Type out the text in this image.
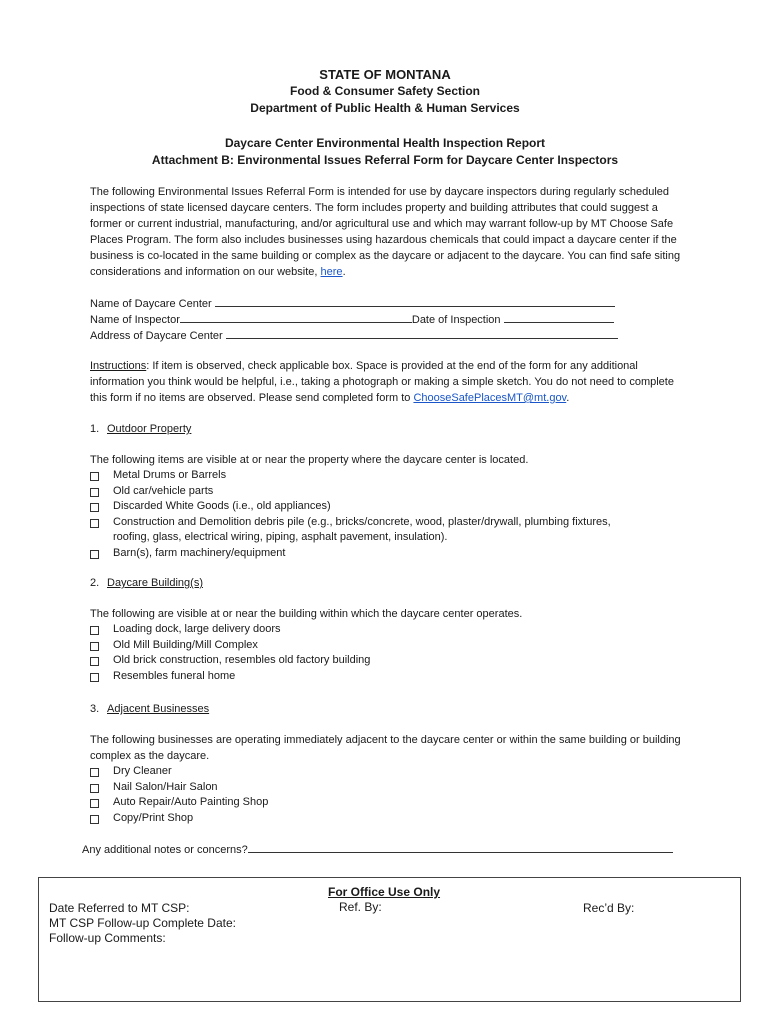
STATE OF MONTANA
Food & Consumer Safety Section
Department of Public Health & Human Services
Daycare Center Environmental Health Inspection Report
Attachment B: Environmental Issues Referral Form for Daycare Center Inspectors
The following Environmental Issues Referral Form is intended for use by daycare inspectors during regularly scheduled inspections of state licensed daycare centers. The form includes property and building attributes that could suggest a former or current industrial, manufacturing, and/or agricultural use and which may warrant follow-up by MT Choose Safe Places Program. The form also includes businesses using hazardous chemicals that could impact a daycare center if the business is co-located in the same building or complex as the daycare or adjacent to the daycare. You can find safe siting considerations and information on our website, here.
Name of Daycare Center
Name of Inspector	Date of Inspection
Address of Daycare Center
Instructions: If item is observed, check applicable box. Space is provided at the end of the form for any additional information you think would be helpful, i.e., taking a photograph or making a simple sketch. You do not need to complete this form if no items are observed. Please send completed form to ChooseSafePlacesMT@mt.gov.
1. Outdoor Property
The following items are visible at or near the property where the daycare center is located.
Metal Drums or Barrels
Old car/vehicle parts
Discarded White Goods (i.e., old appliances)
Construction and Demolition debris pile (e.g., bricks/concrete, wood, plaster/drywall, plumbing fixtures, roofing, glass, electrical wiring, piping, asphalt pavement, insulation).
Barn(s), farm machinery/equipment
2. Daycare Building(s)
The following are visible at or near the building within which the daycare center operates.
Loading dock, large delivery doors
Old Mill Building/Mill Complex
Old brick construction, resembles old factory building
Resembles funeral home
3. Adjacent Businesses
The following businesses are operating immediately adjacent to the daycare center or within the same building or building complex as the daycare.
Dry Cleaner
Nail Salon/Hair Salon
Auto Repair/Auto Painting Shop
Copy/Print Shop
Any additional notes or concerns?
For Office Use Only
Date Referred to MT CSP:	Ref. By:	Rec’d By:
MT CSP Follow-up Complete Date:
Follow-up Comments:
